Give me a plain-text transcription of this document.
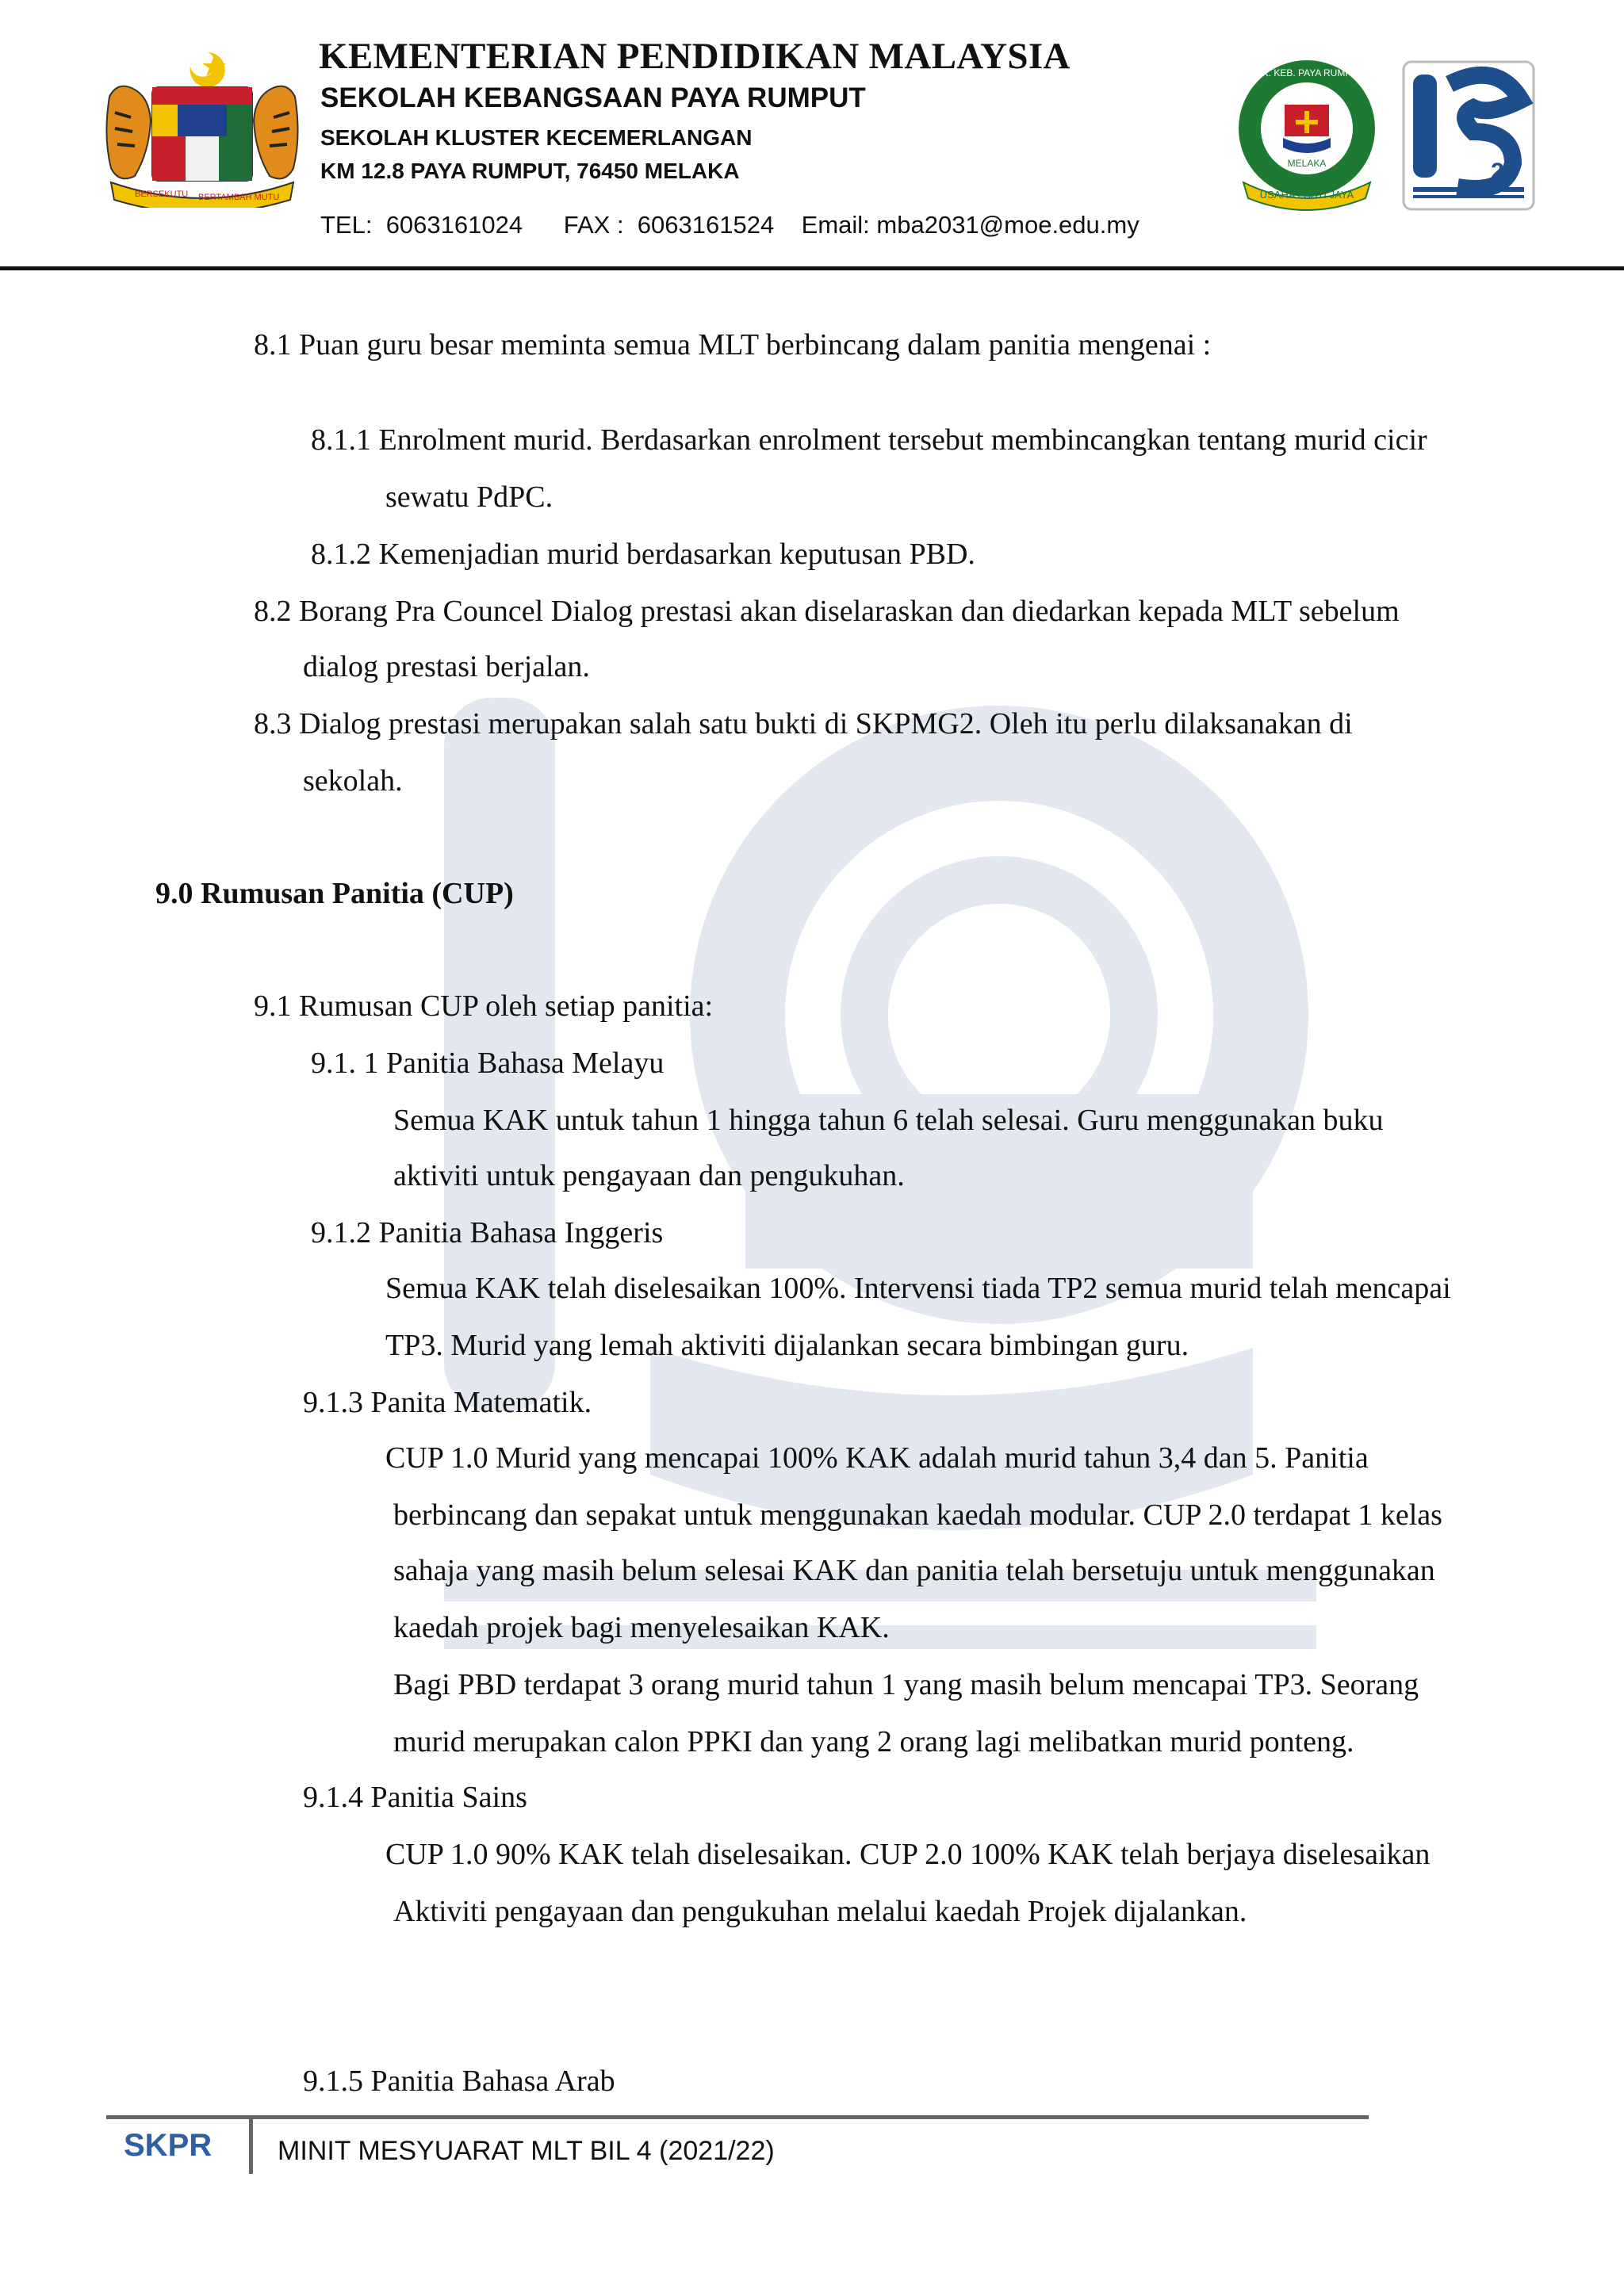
BERSEKUTU BERTAMBAH MUTU
KEMENTERIAN PENDIDIKAN MALAYSIA
SEKOLAH KEBANGSAAN PAYA RUMPUT
SEKOLAH KLUSTER KECEMERLANGAN
KM 12.8 PAYA RUMPUT, 76450 MELAKA
TEL:  6063161024      FAX :  6063161524    Email: mba2031@moe.edu.my
SEK. KEB. PAYA RUMPUT
MELAKA
USAHA PASTI JAYA
25
8.1 Puan guru besar meminta semua MLT berbincang dalam panitia mengenai :
8.1.1 Enrolment murid. Berdasarkan enrolment tersebut membincangkan tentang murid cicir
sewatu PdPC.
8.1.2 Kemenjadian murid berdasarkan keputusan PBD.
8.2 Borang Pra Councel Dialog prestasi akan diselaraskan dan diedarkan kepada MLT sebelum
dialog prestasi berjalan.
8.3 Dialog prestasi merupakan salah satu bukti di SKPMG2. Oleh itu perlu dilaksanakan di
sekolah.
9.0 Rumusan Panitia (CUP)
9.1 Rumusan CUP oleh setiap panitia:
9.1. 1 Panitia Bahasa Melayu
Semua KAK untuk tahun 1 hingga tahun 6 telah selesai. Guru menggunakan buku
aktiviti untuk pengayaan dan pengukuhan.
9.1.2 Panitia Bahasa Inggeris
Semua KAK telah diselesaikan 100%. Intervensi tiada TP2 semua murid telah mencapai
TP3. Murid yang lemah aktiviti dijalankan secara bimbingan guru.
9.1.3 Panita Matematik.
CUP 1.0 Murid yang mencapai 100% KAK adalah murid tahun 3,4 dan 5. Panitia
berbincang dan sepakat untuk menggunakan kaedah modular. CUP 2.0 terdapat 1 kelas
sahaja yang masih belum selesai KAK dan panitia telah bersetuju untuk menggunakan
kaedah projek bagi menyelesaikan KAK.
Bagi PBD terdapat 3 orang murid tahun 1 yang masih belum mencapai TP3. Seorang
murid merupakan calon PPKI dan yang 2 orang lagi melibatkan murid ponteng.
9.1.4 Panitia Sains
CUP 1.0 90% KAK telah diselesaikan. CUP 2.0 100% KAK telah berjaya diselesaikan
Aktiviti pengayaan dan pengukuhan melalui kaedah Projek dijalankan.
9.1.5 Panitia Bahasa Arab
SKPR MINIT MESYUARAT MLT BIL 4 (2021/22)
